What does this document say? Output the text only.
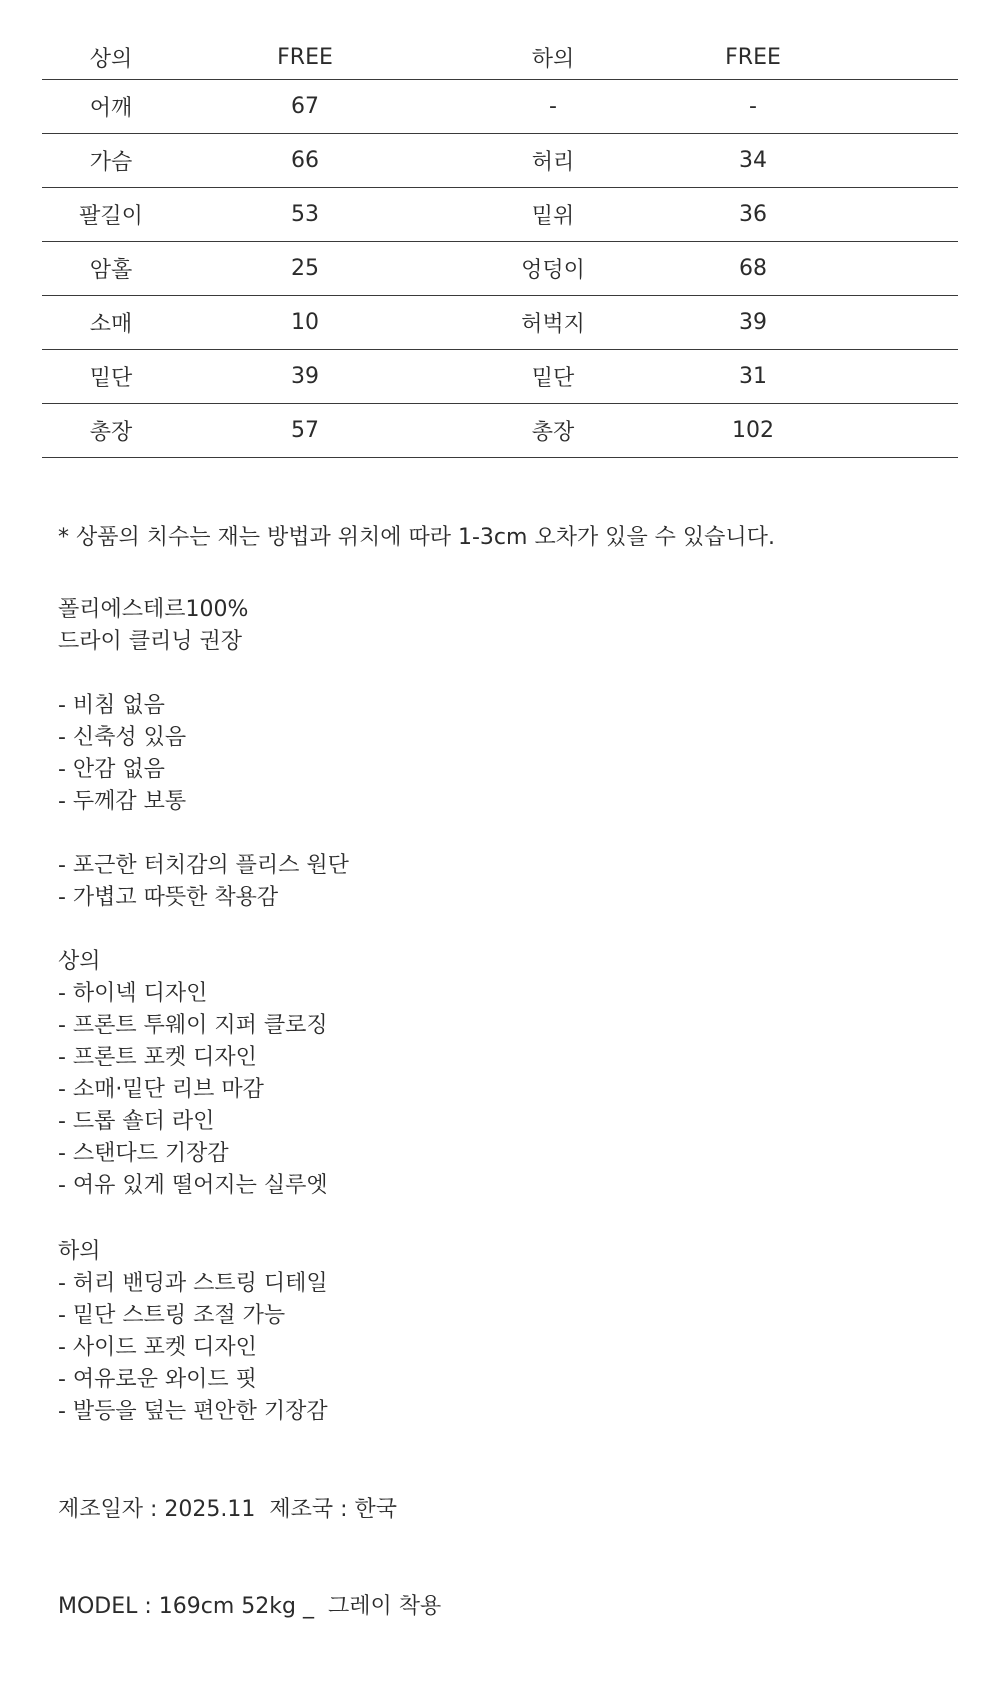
상의	FREE	하의	FREE	
어깨	67	-	-	
가슴	66	허리	34	
팔길이	53	밑위	36	
암홀	25	엉덩이	68	
소매	10	허벅지	39	
밑단	39	밑단	31	
총장	57	총장	102	

* 상품의 치수는 재는 방법과 위치에 따라 1-3cm 오차가 있을 수 있습니다.

폴리에스테르100%
드라이 클리닝 권장
- 비침 없음
- 신축성 있음
- 안감 없음
- 두께감 보통
- 포근한 터치감의 플리스 원단
- 가볍고 따뜻한 착용감
상의
- 하이넥 디자인
- 프론트 투웨이 지퍼 클로징
- 프론트 포켓 디자인
- 소매·밑단 리브 마감
- 드롭 숄더 라인
- 스탠다드 기장감
- 여유 있게 떨어지는 실루엣
하의
- 허리 밴딩과 스트링 디테일
- 밑단 스트링 조절 가능
- 사이드 포켓 디자인
- 여유로운 와이드 핏
- 발등을 덮는 편안한 기장감

제조일자 : 2025.11  제조국 : 한국

MODEL : 169cm 52kg _  그레이 착용
